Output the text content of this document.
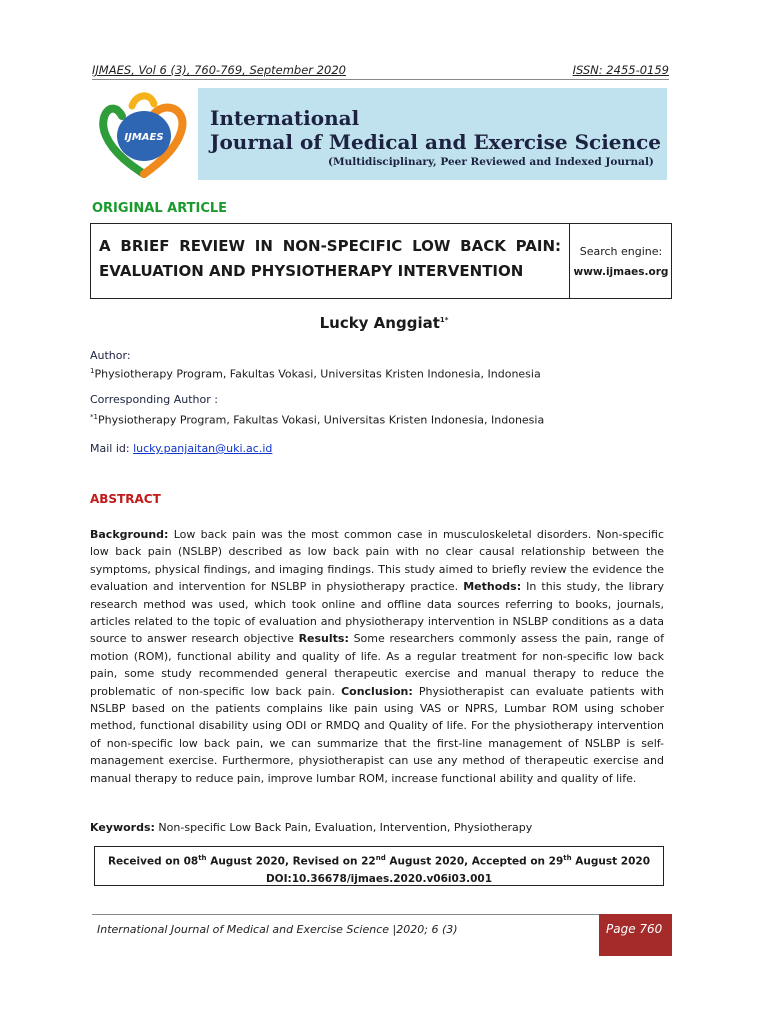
IJMAES, Vol 6 (3), 760-769, September 2020	ISSN: 2455-0159
IJMAES
International
Journal of Medical and Exercise Science
(Multidisciplinary, Peer Reviewed and Indexed Journal)
ORIGINAL ARTICLE
A BRIEF REVIEW IN NON-SPECIFIC LOW BACK PAIN: EVALUATION AND PHYSIOTHERAPY INTERVENTION
Search engine:
www.ijmaes.org
Lucky Anggiat$^{1*}$
Author:
$^1$Physiotherapy Program, Fakultas Vokasi, Universitas Kristen Indonesia, Indonesia
Corresponding Author :
$^{*1}$Physiotherapy Program, Fakultas Vokasi, Universitas Kristen Indonesia, Indonesia
Mail id: lucky.panjaitan@uki.ac.id
ABSTRACT
Background: Low back pain was the most common case in musculoskeletal disorders. Non-specific low back pain (NSLBP) described as low back pain with no clear causal relationship between the symptoms, physical findings, and imaging findings. This study aimed to briefly review the evidence the evaluation and intervention for NSLBP in physiotherapy practice. Methods: In this study, the library research method was used, which took online and offline data sources referring to books, journals, articles related to the topic of evaluation and physiotherapy intervention in NSLBP conditions as a data source to answer research objective Results: Some researchers commonly assess the pain, range of motion (ROM), functional ability and quality of life. As a regular treatment for non-specific low back pain, some study recommended general therapeutic exercise and manual therapy to reduce the problematic of non-specific low back pain. Conclusion: Physiotherapist can evaluate patients with NSLBP based on the patients complains like pain using VAS or NPRS, Lumbar ROM using schober method, functional disability using ODI or RMDQ and Quality of life. For the physiotherapy intervention of non-specific low back pain, we can summarize that the first-line management of NSLBP is self-management exercise. Furthermore, physiotherapist can use any method of therapeutic exercise and manual therapy to reduce pain, improve lumbar ROM, increase functional ability and quality of life.
Keywords: Non-specific Low Back Pain, Evaluation, Intervention, Physiotherapy
Received on 08th August 2020, Revised on 22nd August 2020, Accepted on 29th August 2020
DOI:10.36678/ijmaes.2020.v06i03.001
International Journal of Medical and Exercise Science |2020; 6 (3)	Page 760
